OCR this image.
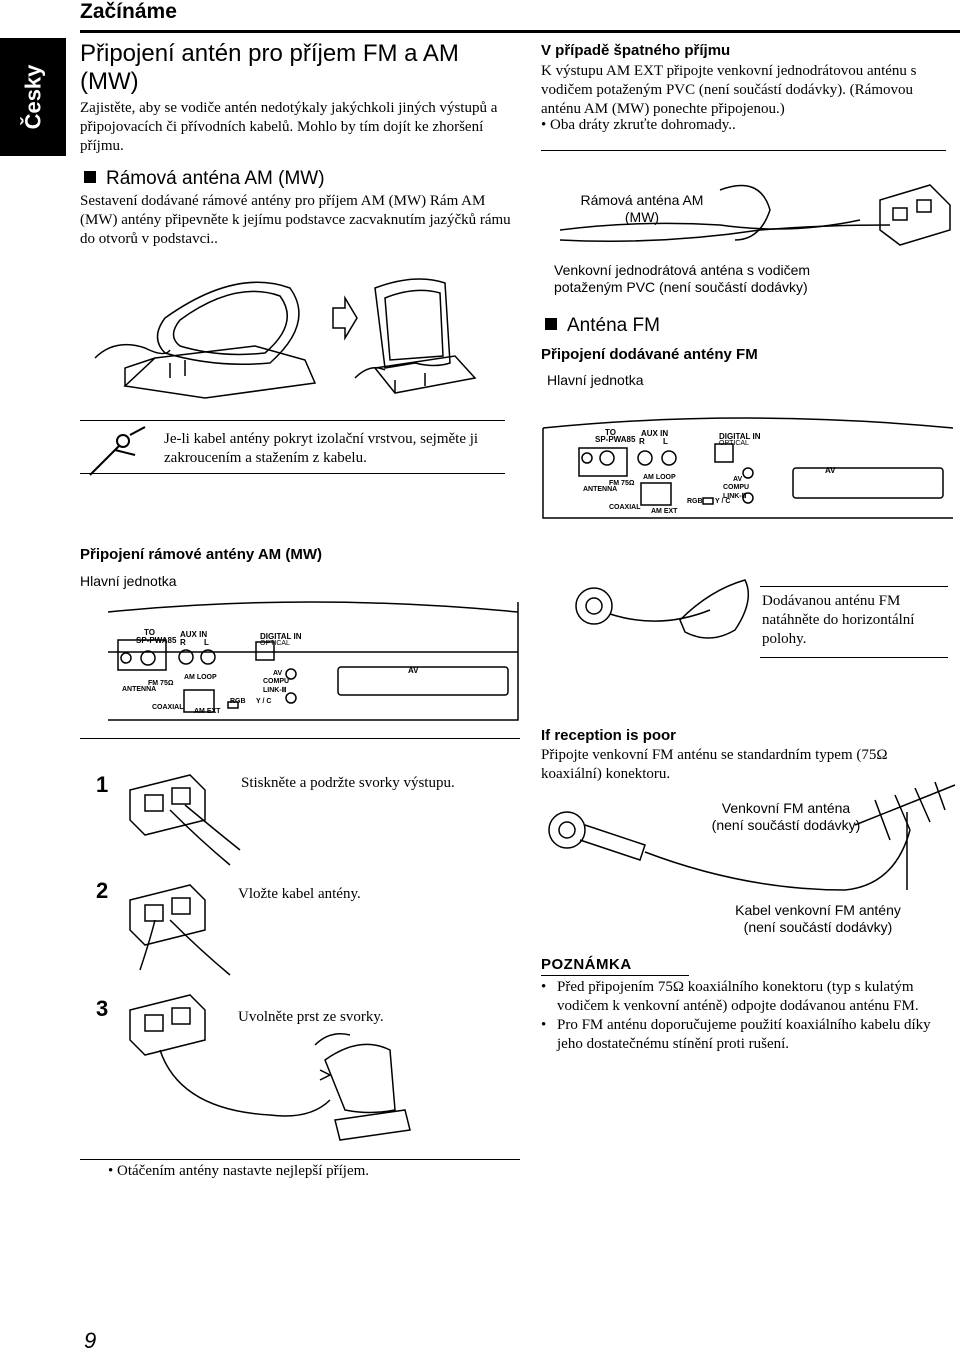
Česky
Začínáme
Připojení antén pro příjem FM a AM (MW)
Zajistěte, aby se vodiče antén nedotýkaly jakýchkoli jiných výstupů a připojovacích či přívodních kabelů. Mohlo by tím dojít ke zhoršení příjmu.
Rámová anténa AM (MW)
Sestavení dodávané rámové antény pro příjem AM (MW) Rám AM (MW) antény připevněte k jejímu podstavce zacvaknutím jazýčků rámu do otvorů v podstavci..
Je-li kabel antény pokryt izolační vrstvou, sejměte ji zakroucením a stažením z kabelu.
Připojení rámové antény AM (MW)
Hlavní jednotka
TO
SP-PWA85
AUX IN
R L
DIGITAL IN
OPTICAL
AV
AV
COMPU
LINK-Ⅲ
ANTENNA
FM 75Ω
AM LOOP
COAXIAL
AM EXT
RGB Y / C
1	Stiskněte a podržte svorky výstupu.
2	Vložte kabel antény.
3	Uvolněte prst ze svorky.
• Otáčením antény nastavte nejlepší příjem.
V případě špatného příjmu
K výstupu AM EXT připojte venkovní jednodrátovou anténu s vodičem potaženým PVC (není součástí dodávky). (Rámovou anténu AM (MW) ponechte připojenou.)
• Oba dráty zkruťte dohromady..
Rámová anténa AM (MW)
Venkovní jednodrátová anténa s vodičem potaženým PVC (není součástí dodávky)
Anténa FM
Připojení dodávané antény FM
Hlavní jednotka
TO
SP-PWA85
AUX IN
R L
DIGITAL IN
OPTICAL
AV
AV
COMPU
LINK-Ⅲ
ANTENNA
FM 75Ω
AM LOOP
COAXIAL
AM EXT
RGB Y / C
Dodávanou anténu FM natáhněte do horizontální polohy.
If reception is poor
Připojte venkovní FM anténu se standardním typem (75Ω koaxiální) konektoru.
Venkovní FM anténa (není součástí dodávky)
Kabel venkovní FM antény (není součástí dodávky)
POZNÁMKA
• Před připojením 75Ω koaxiálního konektoru (typ s kulatým vodičem k venkovní anténě) odpojte dodávanou anténu FM.
• Pro FM anténu doporučujeme použití koaxiálního kabelu díky jeho dostatečnému stínění proti rušení.
9
